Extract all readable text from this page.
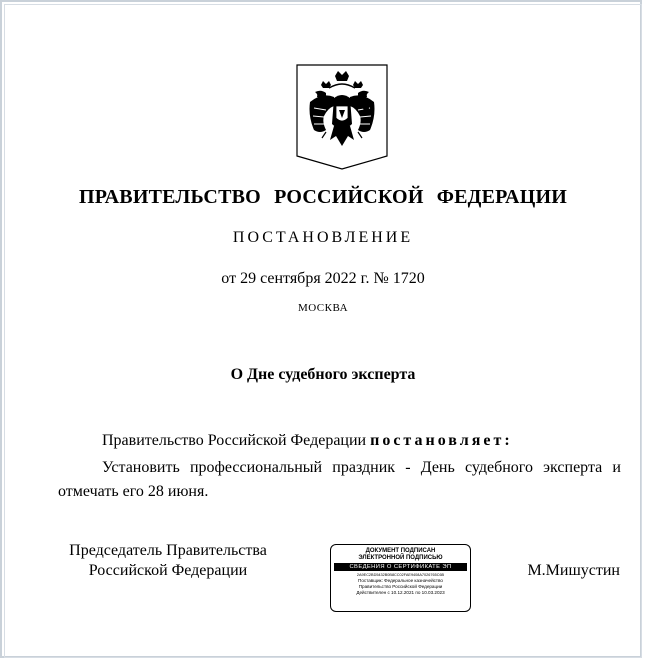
ПРАВИТЕЛЬСТВО РОССИЙСКОЙ ФЕДЕРАЦИИ
ПОСТАНОВЛЕНИЕ
от 29 сентября 2022 г. № 1720
МОСКВА
О Дне судебного эксперта
Правительство Российской Федерации постановляет:
Установить профессиональный праздник - День судебного эксперта и отмечать его 28 июня.
Председатель Правительства
Российской Федерации
ДОКУМЕНТ ПОДПИСАН
ЭЛЕКТРОННОЙ ПОДПИСЬЮ
СВЕДЕНИЯ О СЕРТИФИКАТЕ ЭП
2A9EC2BD5432B0B8CC02FAE9408A7026765C6B
Поставщик: Федеральное казначейство
Правительство Российской Федерации
Действителен с 10.12.2021 по 10.03.2023
М.Мишустин
